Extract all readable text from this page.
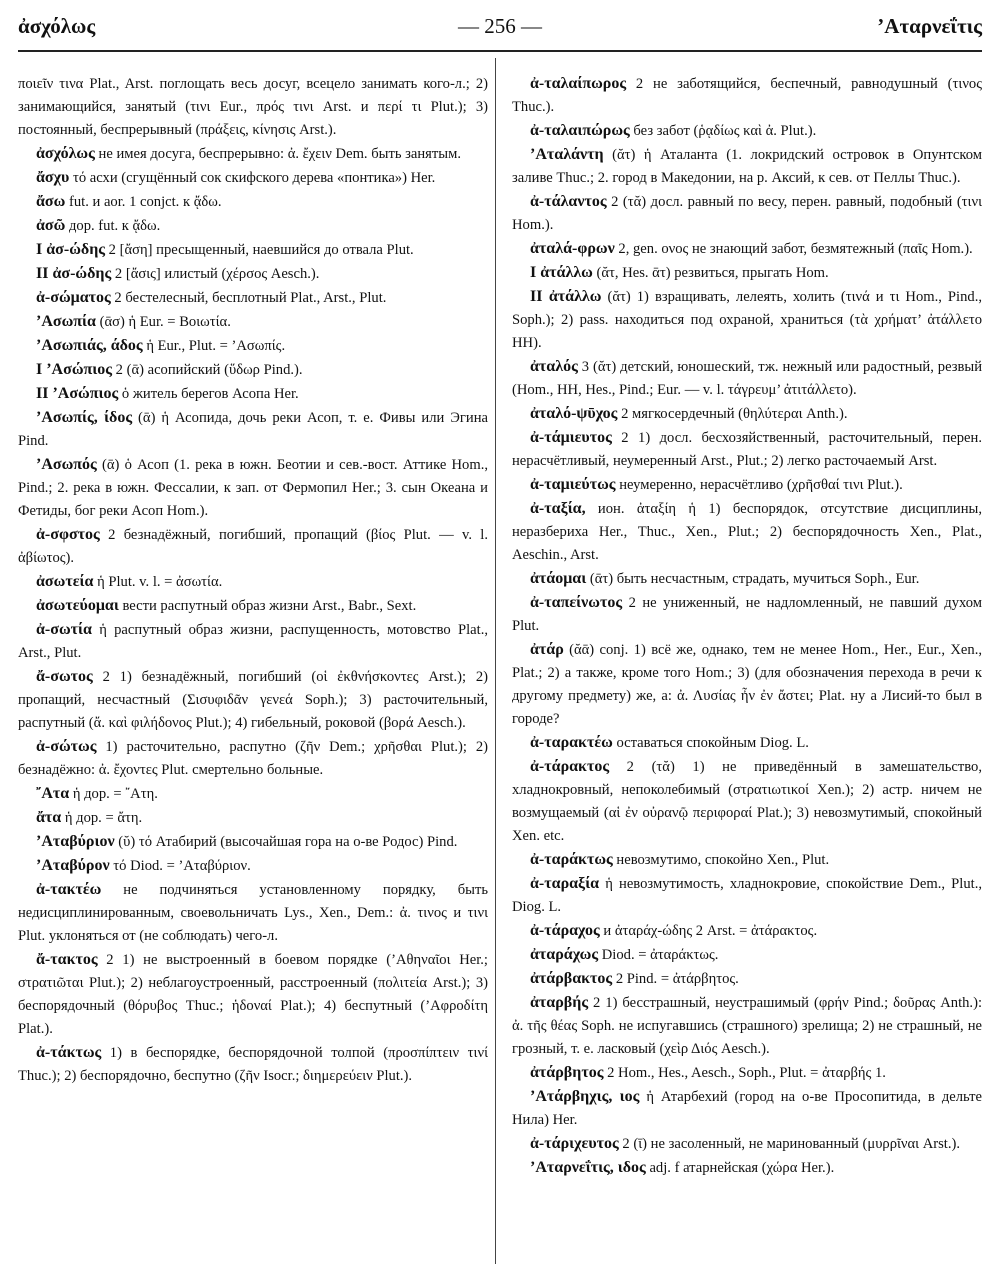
ἀσχόλως	— 256 —	’Αταρνεΐτις
ποιεῖν τινα Plat., Arst. поглощать весь досуг, всецело занимать кого-л.; 2) занимающийся, занятый (τινι Eur., πρός τινι Arst. и περί τι Plut.); 3) постоянный, беспрерывный (πράξεις, κίνησις Arst.).
ἀσχόλως не имея досуга, беспрерывно: ἀ. ἔχειν Dem. быть занятым.
ἄσχυ τό асхи (сгущённый сок скифского дерева «понтика») Her.
ἄσω fut. и aor. 1 conjct. к ᾄδω.
ἀσῶ дор. fut. к ᾄδω.
I ἀσ-ώδης 2 [ἄση] пресыщенный, наевшийся до отвала Plut.
II ἀσ-ώδης 2 [ἄσις] илистый (χέρσος Aesch.).
ἀ-σώματος 2 бестелесный, бесплотный Plat., Arst., Plut.
’Ασωπία (ᾱσ) ἡ Eur. = Βοιωτία.
’Ασωπιάς, άδος ἡ Eur., Plut. = ’Ασωπίς.
I ’Ασώπιος 2 (ᾱ) асопийский (ὕδωρ Pind.).
II ’Ασώπιος ὁ житель берегов Асопа Her.
’Ασωπίς, ίδος (ᾱ) ἡ Асопида, дочь реки Асоп, т. е. Фивы или Эгина Pind.
’Ασωπός (ᾱ) ὁ Асоп (1. река в южн. Беотии и сев.-вост. Аттике Hom., Pind.; 2. река в южн. Фессалии, к зап. от Фермопил Her.; 3. сын Океана и Фетиды, бог реки Асоп Hom.).
ἀ-σφστος 2 безнадёжный, погибший, пропащий (βίος Plut. — v. l. ἀβίωτος).
ἀσωτεία ἡ Plut. v. l. = ἀσωτία.
ἀσωτεύομαι вести распутный образ жизни Arst., Babr., Sext.
ἀ-σωτία ἡ распутный образ жизни, распущенность, мотовство Plat., Arst., Plut.
ἄ-σωτος 2 1) безнадёжный, погибший (οἱ ἐκθνήσκοντες Arst.); 2) пропащий, несчастный (Σισυφιδᾶν γενεά Soph.); 3) расточительный, распутный (ἄ. καὶ φιλήδονος Plut.); 4) гибельный, роковой (βορά Aesch.).
ἀ-σώτως 1) расточительно, распутно (ζῆν Dem.; χρῆσθαι Plut.); 2) безнадёжно: ἀ. ἔχοντες Plut. смертельно больные.
῎Ατα ἡ дор. = ῎Ατη.
ἄτα ἡ дор. = ἄτη.
’Αταβύριον (ῠ) τό Атабирий (высочайшая гора на о-ве Родос) Pind.
’Αταβύρον τό Diod. = ’Αταβύριον.
ἀ-τακτέω не подчиняться установленному порядку, быть недисциплинированным, своевольничать Lys., Xen., Dem.: ἀ. τινος и τινι Plut. уклоняться от (не соблюдать) чего-л.
ἄ-τακτος 2 1) не выстроенный в боевом порядке (’Αθηναῖοι Her.; στρατιῶται Plut.); 2) неблагоустроенный, расстроенный (πολιτεία Arst.); 3) беспорядочный (θόρυβος Thuc.; ἡδοναί Plat.); 4) беспутный (’Αφροδίτη Plat.).
ἀ-τάκτως 1) в беспорядке, беспорядочной толпой (προσπίπτειν τινί Thuc.); 2) беспорядочно, беспутно (ζῆν Isocr.; διημερεύειν Plut.).
ἀ-ταλαίπωρος 2 не заботящийся, беспечный, равнодушный (τινος Thuc.).
ἀ-ταλαιπώρως без забот (ῥᾳδίως καὶ ἀ. Plut.).
’Αταλάντη (ᾰτ) ἡ Аталанта (1. локридский островок в Опунтском заливе Thuc.; 2. город в Македонии, на р. Аксий, к сев. от Пеллы Thuc.).
ἀ-τάλαντος 2 (τᾰ) досл. равный по весу, перен. равный, подобный (τινι Hom.).
ἀταλά-φρων 2, gen. ονος не знающий забот, безмятежный (παῖς Hom.).
I ἀτάλλω (ᾰτ, Hes. ᾱτ) резвиться, прыгать Hom.
II ἀτάλλω (ᾰτ) 1) взращивать, лелеять, холить (τινά и τι Hom., Pind., Soph.); 2) pass. находиться под охраной, храниться (τὰ χρήματ’ ἀτάλλετο HH).
ἀταλός 3 (ᾰτ) детский, юношеский, тж. нежный или радостный, резвый (Hom., HH, Hes., Pind.; Eur. — v. l. τάγρευμ’ ἀτιτάλλετο).
ἀταλό-ψῡχος 2 мягкосердечный (θηλύτεραι Anth.).
ἀ-τάμιευτος 2 1) досл. бесхозяйственный, расточительный, перен. нерасчётливый, неумеренный Arst., Plut.; 2) легко расточаемый Arst.
ἀ-ταμιεύτως неумеренно, нерасчётливо (χρῆσθαί τινι Plut.).
ἀ-ταξία, ион. ἀταξίη ἡ 1) беспорядок, отсутствие дисциплины, неразбериха Her., Thuc., Xen., Plut.; 2) беспорядочность Xen., Plat., Aeschin., Arst.
ἀτάομαι (ᾱτ) быть несчастным, страдать, мучиться Soph., Eur.
ἀ-ταπείνωτος 2 не униженный, не надломленный, не павший духом Plut.
ἀτάρ (ᾰᾱ) conj. 1) всё же, однако, тем не менее Hom., Her., Eur., Xen., Plat.; 2) а также, кроме того Hom.; 3) (для обозначения перехода в речи к другому предмету) же, а: ἀ. Λυσίας ἦν ἐν ἄστει; Plat. ну а Лисий-то был в городе?
ἀ-ταρακτέω оставаться спокойным Diog. L.
ἀ-τάρακτος 2 (τᾰ) 1) не приведённый в замешательство, хладнокровный, непоколебимый (στρατιωτικοί Xen.); 2) астр. ничем не возмущаемый (αἱ ἐν οὐρανῷ περιφοραί Plat.); 3) невозмутимый, спокойный Xen. etc.
ἀ-ταράκτως невозмутимо, спокойно Xen., Plut.
ἀ-ταραξία ἡ невозмутимость, хладнокровие, спокойствие Dem., Plut., Diog. L.
ἀ-τάραχος и ἀταράχ-ώδης 2 Arst. = ἀτάρακτος.
ἀταράχως Diod. = ἀταράκτως.
ἀτάρβακτος 2 Pind. = ἀτάρβητος.
ἀταρβής 2 1) бесстрашный, неустрашимый (φρήν Pind.; δοῦρας Anth.): ἀ. τῆς θέας Soph. не испугавшись (страшного) зрелища; 2) не страшный, не грозный, т. е. ласковый (χεὶρ Διός Aesch.).
ἀτάρβητος 2 Hom., Hes., Aesch., Soph., Plut. = ἀταρβής 1.
’Ατάρβηχις, ιος ἡ Атарбехий (город на о-ве Просопитида, в дельте Нила) Her.
ἀ-τάριχευτος 2 (ῑ) не засоленный, не маринованный (μυρρῖναι Arst.).
’Αταρνεΐτις, ιδος adj. f атарнейская (χώρα Her.).
